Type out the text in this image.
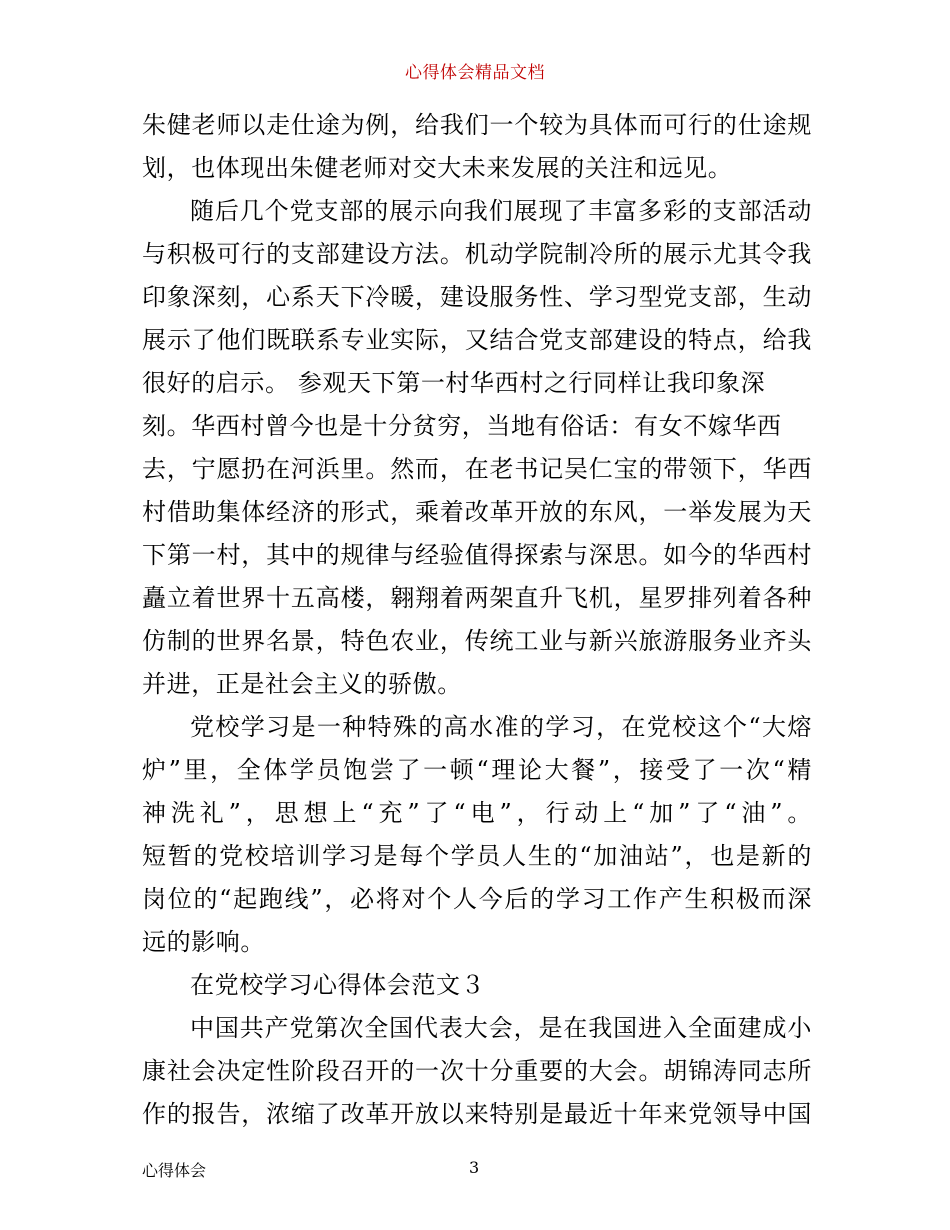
心得体会精品文档
朱健老师以走仕途为例，给我们一个较为具体而可行的仕途规
划，也体现出朱健老师对交大未来发展的关注和远见。
随后几个党支部的展示向我们展现了丰富多彩的支部活动
与积极可行的支部建设方法。机动学院制冷所的展示尤其令我
印象深刻，心系天下冷暖，建设服务性、学习型党支部，生动
展示了他们既联系专业实际，又结合党支部建设的特点，给我
很好的启示。 参观天下第一村华西村之行同样让我印象深
刻。华西村曾今也是十分贫穷，当地有俗话：有女不嫁华西
去，宁愿扔在河浜里。然而，在老书记吴仁宝的带领下，华西
村借助集体经济的形式，乘着改革开放的东风，一举发展为天
下第一村，其中的规律与经验值得探索与深思。如今的华西村
矗立着世界十五高楼，翱翔着两架直升飞机，星罗排列着各种
仿制的世界名景，特色农业，传统工业与新兴旅游服务业齐头
并进，正是社会主义的骄傲。
党校学习是一种特殊的高水准的学习，在党校这个“大熔
炉”里，全体学员饱尝了一顿“理论大餐”，接受了一次“精
神洗礼”，思想上“充”了“电”，行动上“加”了“油”。
短暂的党校培训学习是每个学员人生的“加油站”，也是新的
岗位的“起跑线”，必将对个人今后的学习工作产生积极而深
远的影响。
在党校学习心得体会范文３
中国共产党第次全国代表大会，是在我国进入全面建成小
康社会决定性阶段召开的一次十分重要的大会。胡锦涛同志所
作的报告，浓缩了改革开放以来特别是最近十年来党领导中国
心得体会	3
